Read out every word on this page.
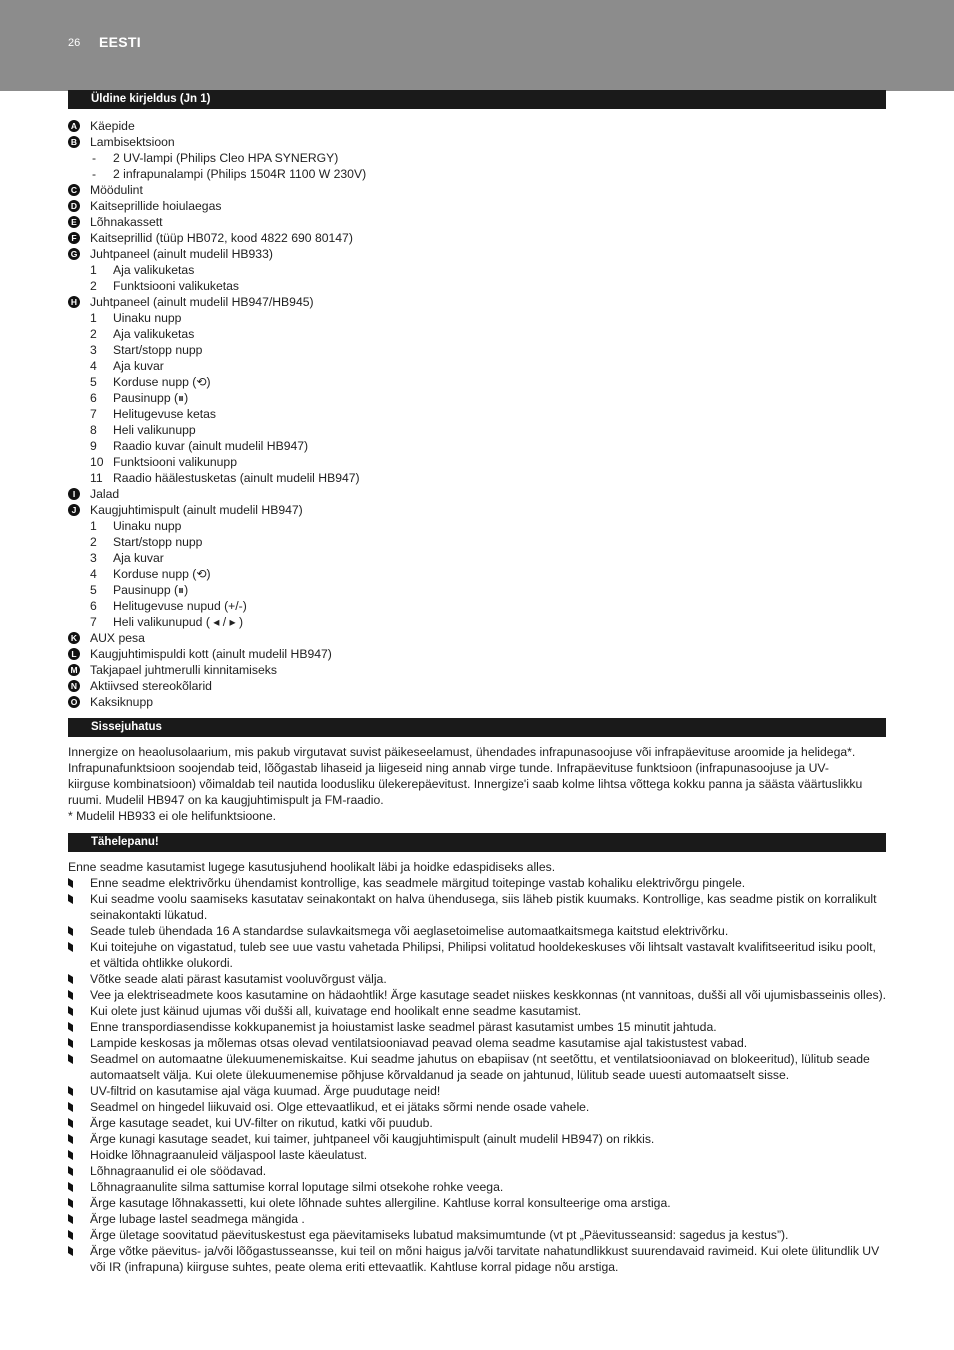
26 EESTI
Üldine kirjeldus (Jn 1)
A Käepide
B Lambisektsioon
- 2 UV-lampi (Philips Cleo HPA SYNERGY)
- 2 infrapunalampi (Philips 1504R 1100 W 230V)
C Möödulint
D Kaitseprillide hoiulaegas
E Lõhnakassett
F Kaitseprillid (tüüp HB072, kood 4822 690 80147)
G Juhtpaneel (ainult mudelil HB933)
1 Aja valikuketas
2 Funktsiooni valikuketas
H Juhtpaneel (ainult mudelil HB947/HB945)
1 Uinaku nupp
2 Aja valikuketas
3 Start/stopp nupp
4 Aja kuvar
5 Korduse nupp (⟲)
6 Pausinupp (⏸)
7 Helitugevuse ketas
8 Heli valikunupp
9 Raadio kuvar (ainult mudelil HB947)
10 Funktsiooni valikunupp
11 Raadio häälestusketas (ainult mudelil HB947)
I	Jalad
J Kaugjuhtimispult (ainult mudelil HB947)
1 Uinaku nupp
2 Start/stopp nupp
3 Aja kuvar
4 Korduse nupp (⟲)
5 Pausinupp (⏸)
6 Helitugevuse nupud (+/-)
7 Heli valikunupud ( ◂ / ▸ )
K AUX pesa
L Kaugjuhtimispuldi kott (ainult mudelil HB947)
M Takjapael juhtmerulli kinnitamiseks
N Aktiivsed stereokõlarid
O Kaksiknupp
Sissejuhatus

Innergize on heaolusolaarium, mis pakub virgutavat suvist päikeseelamust, ühendades infrapunasoojuse või infrapäevituse aroomide ja helidega*.

Infrapunafunktsioon soojendab teid, lõõgastab lihaseid ja liigeseid ning annab virge tunde. Infrapäevituse funktsioon (infrapunasoojuse ja UV-

kiirguse kombinatsioon) võimaldab teil nautida loodusliku ülekerepäevitust. Innergize'i saab kolme lihtsa võttega kokku panna ja säästa väärtuslikku

ruumi. Mudelil HB947 on ka kaugjuhtimispult ja FM-raadio.

* Mudelil HB933 ei ole helifunktsioone.

Tähelepanu!
Enne seadme kasutamist lugege kasutusjuhend hoolikalt läbi ja hoidke edaspidiseks alles.
Enne seadme elektrivõrku ühendamist kontrollige, kas seadmele märgitud toitepinge vastab kohaliku elektrivõrgu pingele.
Kui seadme voolu saamiseks kasutatav seinakontakt on halva ühendusega, siis läheb pistik kuumaks. Kontrollige, kas seadme pistik on korralikult seinakontakti lükatud.
Seade tuleb ühendada 16 A standardse sulavkaitsmega või aeglasetoimelise automaatkaitsmega kaitstud elektrivõrku.
Kui toitejuhe on vigastatud, tuleb see uue vastu vahetada Philipsi, Philipsi volitatud hooldekeskuses või lihtsalt vastavalt kvalifitseeritud isiku poolt, et vältida ohtlikke olukordi.
Võtke seade alati pärast kasutamist vooluvõrgust välja.
Vee ja elektriseadmete koos kasutamine on hädaohtlik! Ärge kasutage seadet niiskes keskkonnas (nt vannitoas, dušši all või ujumisbasseinis olles).
Kui olete just käinud ujumas või dušši all, kuivatage end hoolikalt enne seadme kasutamist.
Enne transpordiasendisse kokkupanemist ja hoiustamist laske seadmel pärast kasutamist umbes 15 minutit jahtuda.
Lampide keskosas ja mõlemas otsas olevad ventilatsiooniavad peavad olema seadme kasutamise ajal takistustest vabad.
Seadmel on automaatne ülekuumenemiskaitse. Kui seadme jahutus on ebapiisav (nt seetõttu, et ventilatsiooniavad on blokeeritud), lülitub seade automaatselt välja. Kui olete ülekuumenemise põhjuse kõrvaldanud ja seade on jahtunud, lülitub seade uuesti automaatselt sisse.
UV-filtrid on kasutamise ajal väga kuumad. Ärge puudutage neid!
Seadmel on hingedel liikuvaid osi. Olge ettevaatlikud, et ei jätaks sõrmi nende osade vahele.
Ärge kasutage seadet, kui UV-filter on rikutud, katki või puudub.
Ärge kunagi kasutage seadet, kui taimer, juhtpaneel või kaugjuhtimispult (ainult mudelil HB947) on rikkis.
Hoidke lõhnagraanuleid väljaspool laste käeulatust.
Lõhnagraanulid ei ole söödavad.
Lõhnagraanulite silma sattumise korral loputage silmi otsekohe rohke veega.
Ärge kasutage lõhnakassetti, kui olete lõhnade suhtes allergiline. Kahtluse korral konsulteerige oma arstiga.
Ärge lubage lastel seadmega mängida .
Ärge ületage soovitatud päevituskestust ega päevitamiseks lubatud maksimumtunde (vt pt „Päevitusseansid: sagedus ja kestus”).
Ärge võtke päevitus- ja/või lõõgastusseansse, kui teil on mõni haigus ja/või tarvitate nahatundlikkust suurendavaid ravimeid. Kui olete ülitundlik UV või IR (infrapuna) kiirguse suhtes, peate olema eriti ettevaatlik. Kahtluse korral pidage nõu arstiga.
